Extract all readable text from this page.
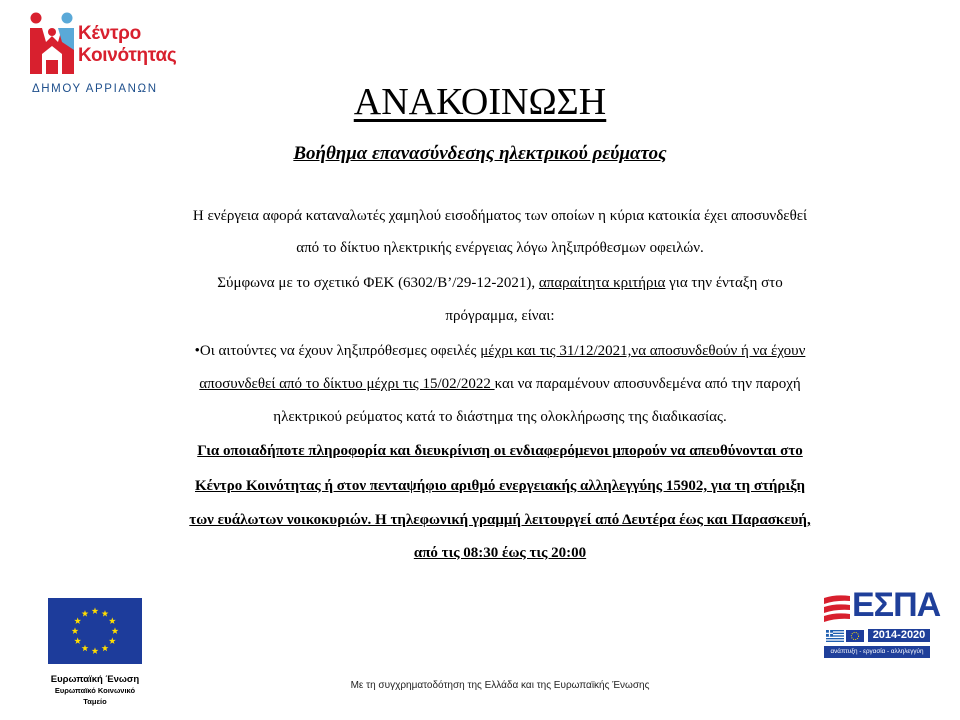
Κέντρο
Κοινότητας
ΔΗΜΟΥ ΑΡΡΙΑΝΩΝ	ΑΝΑΚΟΙΝΩΣΗ
Βοήθημα επανασύνδεσης ηλεκτρικού ρεύματος
Η ενέργεια αφορά καταναλωτές χαμηλού εισοδήματος των οποίων η κύρια κατοικία έχει αποσυνδεθεί
από το δίκτυο ηλεκτρικής ενέργειας λόγω ληξιπρόθεσμων οφειλών.
Σύμφωνα με το σχετικό ΦΕΚ (6302/Β’/29-12-2021), απαραίτητα κριτήρια για την ένταξη στο
πρόγραμμα, είναι:
•Οι αιτούντες να έχουν ληξιπρόθεσμες οφειλές μέχρι και τις 31/12/2021,να αποσυνδεθούν ή να έχουν
αποσυνδεθεί από το δίκτυο μέχρι τις 15/02/2022 και να παραμένουν αποσυνδεμένα από την παροχή
ηλεκτρικού ρεύματος κατά το διάστημα της ολοκλήρωσης της διαδικασίας.
Για οποιαδήποτε πληροφορία και διευκρίνιση οι ενδιαφερόμενοι μπορούν να απευθύνονται στο
Κέντρο Κοινότητας ή στον πενταψήφιο αριθμό ενεργειακής αλληλεγγύης 15902, για τη στήριξη
των ευάλωτων νοικοκυριών. Η τηλεφωνική γραμμή λειτουργεί από Δευτέρα έως και Παρασκευή,
από τις 08:30 έως τις 20:00
Ευρωπαϊκή Ένωση
Ευρωπαϊκό Κοινωνικό
Ταμείο
Με τη συγχρηματοδότηση της Ελλάδα και της Ευρωπαϊκής Ένωσης
ΕΣΠΑ
2014-2020
ανάπτυξη - εργασία - αλληλεγγύη
